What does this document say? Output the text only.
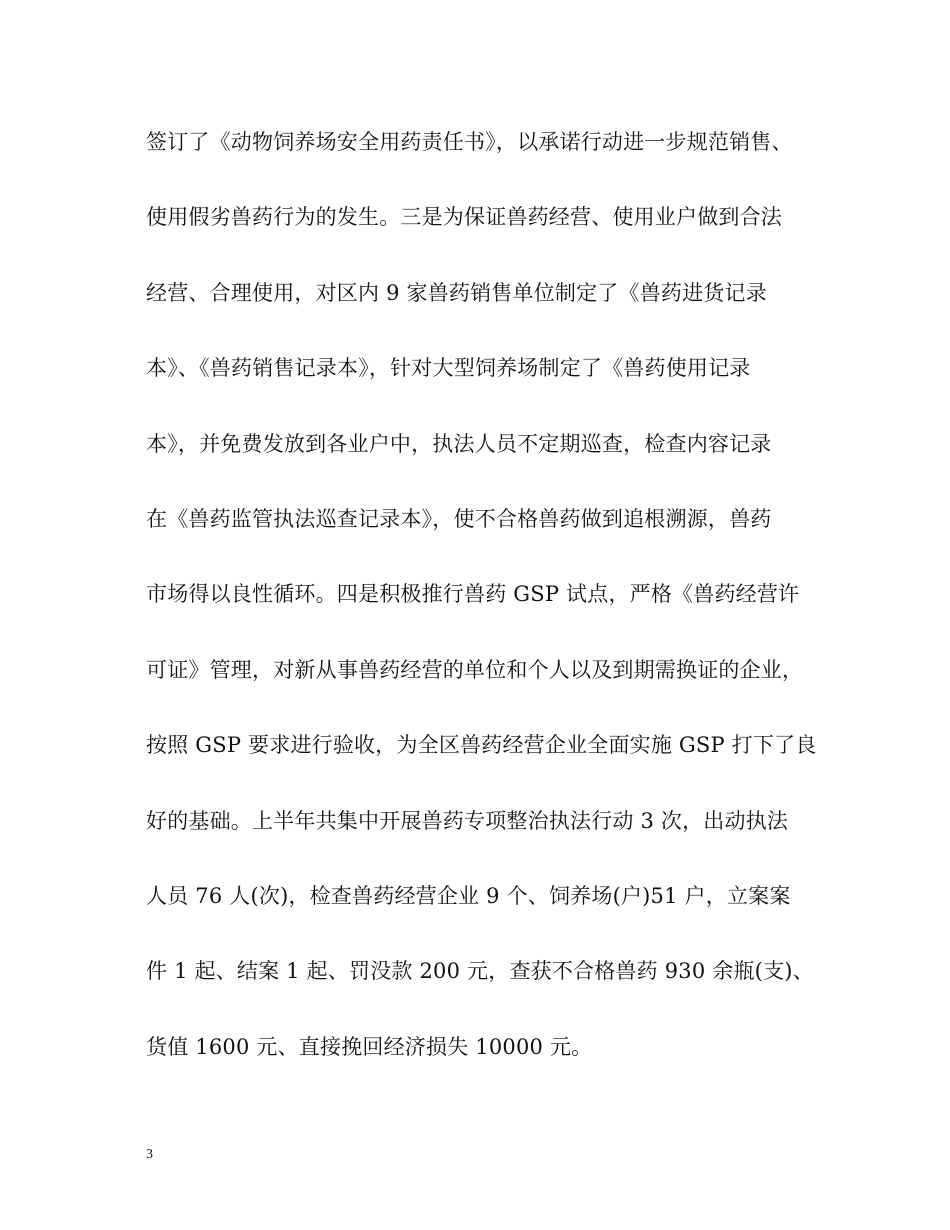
签订了《动物饲养场安全用药责任书》，以承诺行动进一步规范销售、
使用假劣兽药行为的发生。三是为保证兽药经营、使用业户做到合法
经营、合理使用，对区内 9 家兽药销售单位制定了《兽药进货记录
本》、《兽药销售记录本》，针对大型饲养场制定了《兽药使用记录
本》，并免费发放到各业户中，执法人员不定期巡查，检查内容记录
在《兽药监管执法巡查记录本》，使不合格兽药做到追根溯源，兽药
市场得以良性循环。四是积极推行兽药 GSP 试点，严格《兽药经营许
可证》管理，对新从事兽药经营的单位和个人以及到期需换证的企业，
按照 GSP 要求进行验收，为全区兽药经营企业全面实施 GSP 打下了良
好的基础。上半年共集中开展兽药专项整治执法行动 3 次，出动执法
人员 76 人(次)，检查兽药经营企业 9 个、饲养场(户)51 户，立案案
件 1 起、结案 1 起、罚没款 200 元，查获不合格兽药 930 余瓶(支)、
货值 1600 元、直接挽回经济损失 10000 元。
3
